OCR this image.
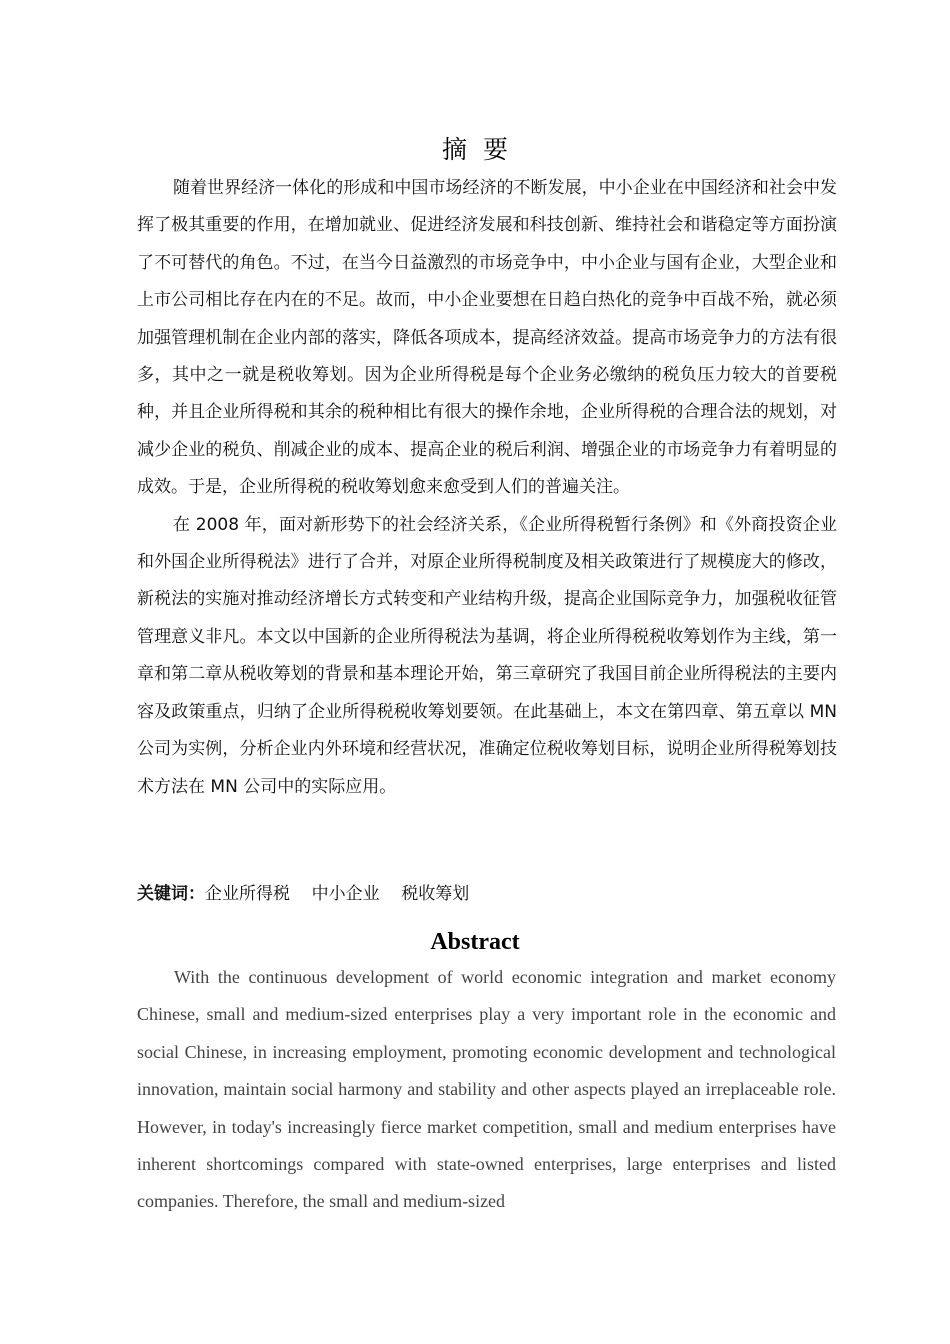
摘要

随着世界经济一体化的形成和中国市场经济的不断发展，中小企业在中国经济和社会中发挥了极其重要的作用，在增加就业、促进经济发展和科技创新、维持社会和谐稳定等方面扮演了不可替代的角色。不过，在当今日益激烈的市场竞争中，中小企业与国有企业，大型企业和上市公司相比存在内在的不足。故而，中小企业要想在日趋白热化的竞争中百战不殆，就必须加强管理机制在企业内部的落实，降低各项成本，提高经济效益。提高市场竞争力的方法有很多，其中之一就是税收筹划。因为企业所得税是每个企业务必缴纳的税负压力较大的首要税种，并且企业所得税和其余的税种相比有很大的操作余地，企业所得税的合理合法的规划，对减少企业的税负、削减企业的成本、提高企业的税后利润、增强企业的市场竞争力有着明显的成效。于是，企业所得税的税收筹划愈来愈受到人们的普遍关注。

在 2008 年，面对新形势下的社会经济关系，《企业所得税暂行条例》和《外商投资企业和外国企业所得税法》进行了合并，对原企业所得税制度及相关政策进行了规模庞大的修改，新税法的实施对推动经济增长方式转变和产业结构升级，提高企业国际竞争力，加强税收征管管理意义非凡。本文以中国新的企业所得税法为基调，将企业所得税税收筹划作为主线，第一章和第二章从税收筹划的背景和基本理论开始，第三章研究了我国目前企业所得税法的主要内容及政策重点，归纳了企业所得税税收筹划要领。在此基础上，本文在第四章、第五章以 MN 公司为实例，分析企业内外环境和经营状况，准确定位税收筹划目标，说明企业所得税筹划技术方法在 MN 公司中的实际应用。

关键词：企业所得税    中小企业    税收筹划
Abstract

With the continuous development of world economic integration and market economy Chinese, small and medium-sized enterprises play a very important role in the economic and social Chinese, in increasing employment, promoting economic development and technological innovation, maintain social harmony and stability and other aspects played an irreplaceable role. However, in today's increasingly fierce market competition, small and medium enterprises have inherent shortcomings compared with state-owned enterprises, large enterprises and listed companies. Therefore, the small and medium-sized
